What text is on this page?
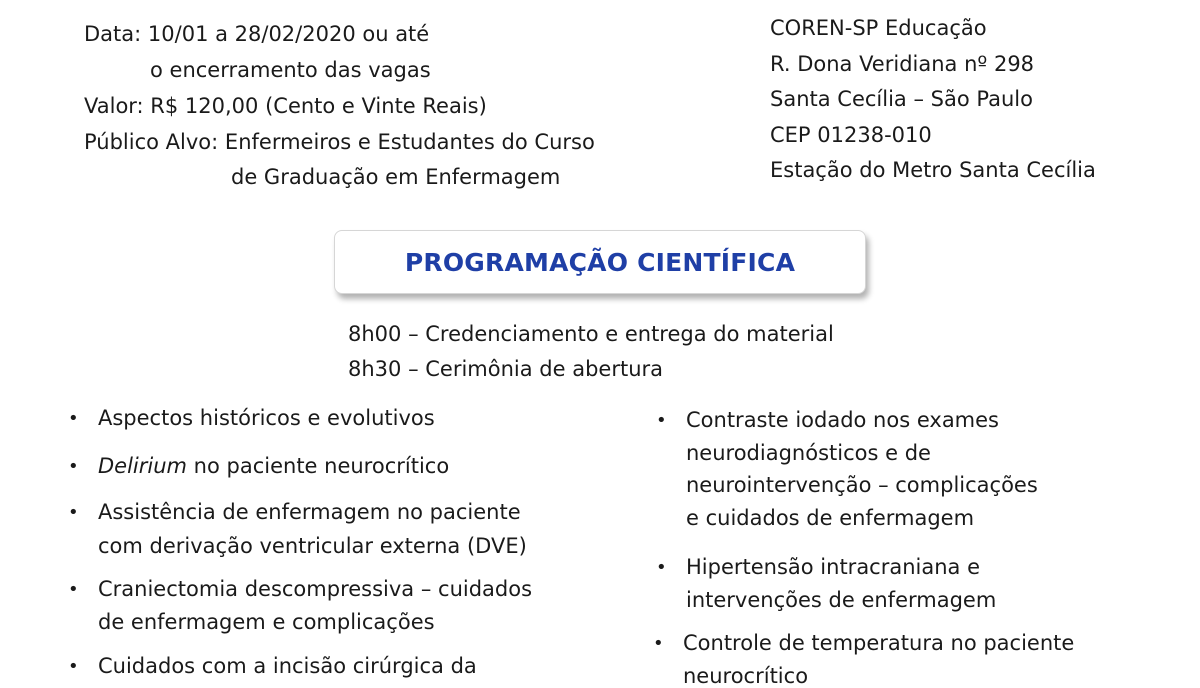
Data: 10/01 a 28/02/2020 ou até
o encerramento das vagas
Valor: R$ 120,00 (Cento e Vinte Reais)
Público Alvo: Enfermeiros e Estudantes do Curso
de Graduação em Enfermagem
COREN-SP Educação
R. Dona Veridiana nº 298
Santa Cecília – São Paulo
CEP 01238-010
Estação do Metro Santa Cecília
PROGRAMAÇÃO CIENTÍFICA
8h00 – Credenciamento e entrega do material
8h30 – Cerimônia de abertura
• Aspectos históricos e evolutivos
• Delirium no paciente neurocrítico
• Assistência de enfermagem no paciente
com derivação ventricular externa (DVE)
• Craniectomia descompressiva – cuidados
de enfermagem e complicações
• Cuidados com a incisão cirúrgica da
• Contraste iodado nos exames
neurodiagnósticos e de
neurointervenção – complicações
e cuidados de enfermagem
• Hipertensão intracraniana e
intervenções de enfermagem
• Controle de temperatura no paciente
neurocrítico
